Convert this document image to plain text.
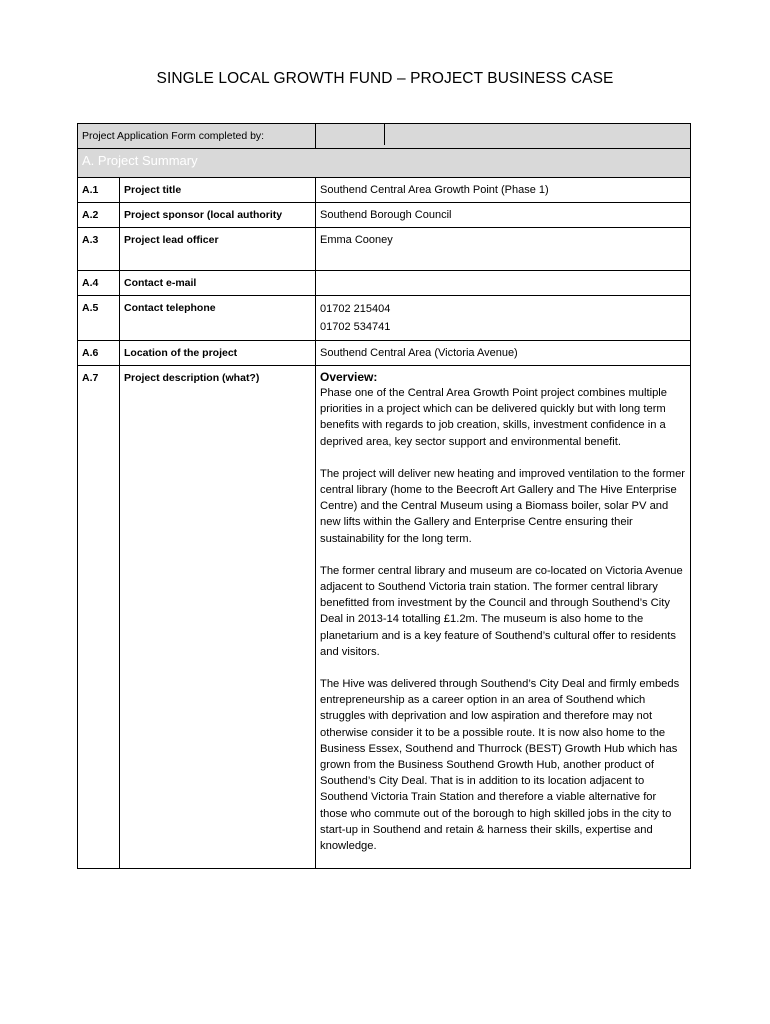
SINGLE LOCAL GROWTH FUND – PROJECT BUSINESS CASE
Project Application Form completed by:		

A. Project Summary		
A.1	Project title	Southend Central Area Growth Point (Phase 1)
A.2	Project sponsor (local authority	Southend Borough Council
A.3	Project lead officer	Emma Cooney
A.4	Contact e-mail	
A.5	Contact telephone	01702 215404
01702 534741

A.6	Location of the project	Southend Central Area (Victoria Avenue)
A.7	Project description (what?)	Overview:

Phase one of the Central Area Growth Point project combines multiple priorities in a project which can be delivered quickly but with long term benefits with regards to job creation, skills, investment confidence in a deprived area, key sector support and environmental benefit.

The project will deliver new heating and improved ventilation to the former central library (home to the Beecroft Art Gallery and The Hive Enterprise Centre) and the Central Museum using a Biomass boiler, solar PV and new lifts within the Gallery and Enterprise Centre ensuring their sustainability for the long term.

The former central library and museum are co-located on Victoria Avenue adjacent to Southend Victoria train station. The former central library benefitted from investment by the Council and through Southend’s City Deal in 2013-14 totalling £1.2m. The museum is also home to the planetarium and is a key feature of Southend’s cultural offer to residents and visitors.

The Hive was delivered through Southend’s City Deal and firmly embeds entrepreneurship as a career option in an area of Southend which struggles with deprivation and low aspiration and therefore may not otherwise consider it to be a possible route. It is now also home to the Business Essex, Southend and Thurrock (BEST) Growth Hub which has grown from the Business Southend Growth Hub, another product of Southend’s City Deal. That is in addition to its location adjacent to Southend Victoria Train Station and therefore a viable alternative for those who commute out of the borough to high skilled jobs in the city to start-up in Southend and retain & harness their skills, expertise and knowledge.
